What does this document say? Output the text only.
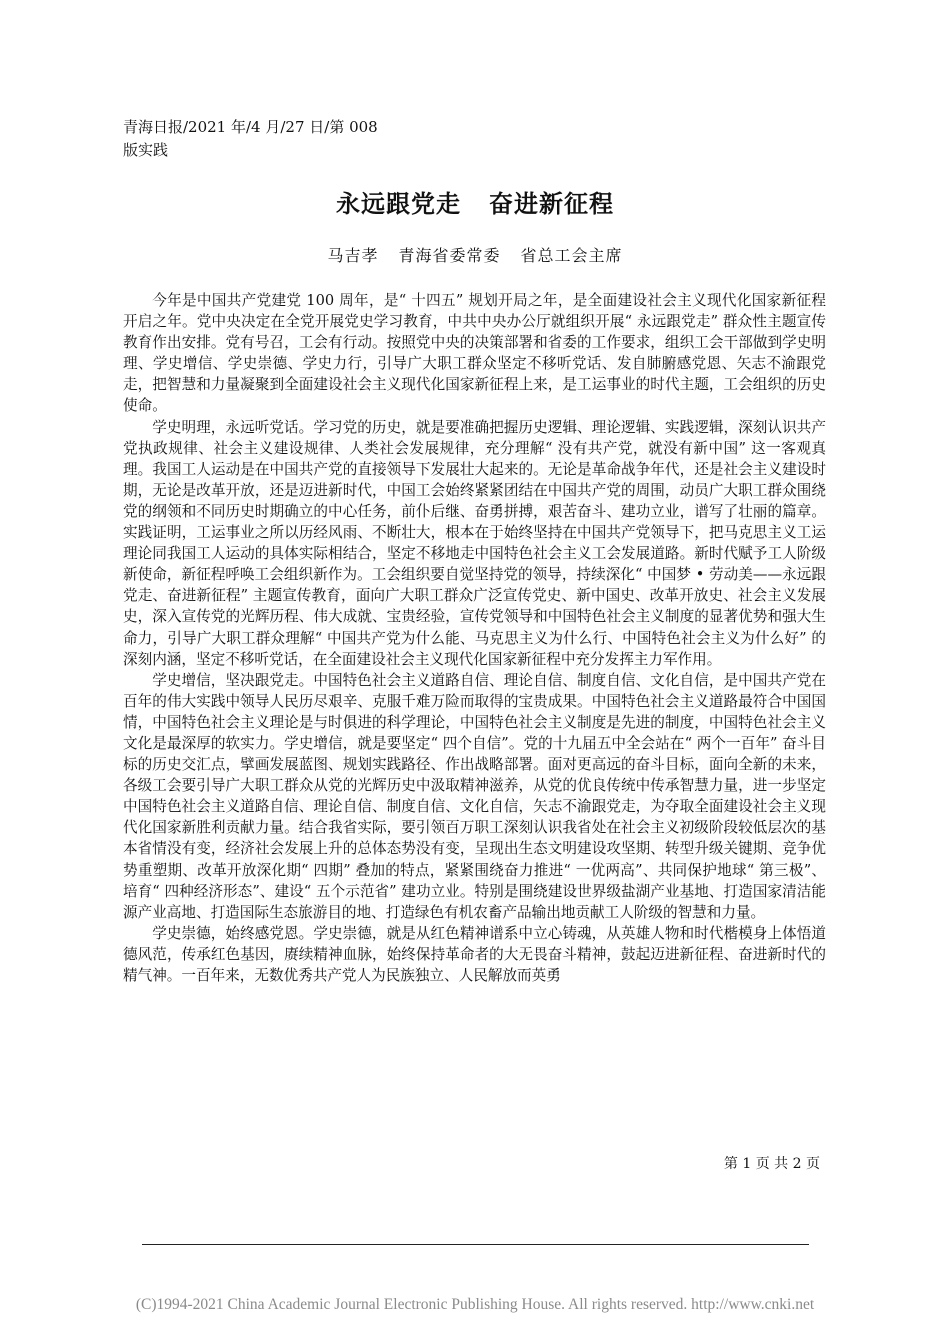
青海日报/2021 年/4 月/27 日/第 008
版实践
永远跟党走 奋进新征程
马吉孝 青海省委常委 省总工会主席

今年是中国共产党建党 100 周年，是“ 十四五” 规划开局之年，是全面建设社会主义现代化国家新征程开启之年。党中央决定在全党开展党史学习教育，中共中央办公厅就组织开展“ 永远跟党走” 群众性主题宣传教育作出安排。党有号召，工会有行动。按照党中央的决策部署和省委的工作要求，组织工会干部做到学史明理、学史增信、学史崇德、学史力行，引导广大职工群众坚定不移听党话、发自肺腑感党恩、矢志不渝跟党走，把智慧和力量凝聚到全面建设社会主义现代化国家新征程上来，是工运事业的时代主题，工会组织的历史使命。

学史明理，永远听党话。学习党的历史，就是要准确把握历史逻辑、理论逻辑、实践逻辑，深刻认识共产党执政规律、社会主义建设规律、人类社会发展规律，充分理解“ 没有共产党，就没有新中国” 这一客观真理。我国工人运动是在中国共产党的直接领导下发展壮大起来的。无论是革命战争年代，还是社会主义建设时期，无论是改革开放，还是迈进新时代，中国工会始终紧紧团结在中国共产党的周围，动员广大职工群众围绕党的纲领和不同历史时期确立的中心任务，前仆后继、奋勇拼搏，艰苦奋斗、建功立业，谱写了壮丽的篇章。实践证明，工运事业之所以历经风雨、不断壮大，根本在于始终坚持在中国共产党领导下，把马克思主义工运理论同我国工人运动的具体实际相结合，坚定不移地走中国特色社会主义工会发展道路。新时代赋予工人阶级新使命，新征程呼唤工会组织新作为。工会组织要自觉坚持党的领导，持续深化“ 中国梦 • 劳动美——永远跟党走、奋进新征程” 主题宣传教育，面向广大职工群众广泛宣传党史、新中国史、改革开放史、社会主义发展史，深入宣传党的光辉历程、伟大成就、宝贵经验，宣传党领导和中国特色社会主义制度的显著优势和强大生命力，引导广大职工群众理解“ 中国共产党为什么能、马克思主义为什么行、中国特色社会主义为什么好” 的深刻内涵，坚定不移听党话，在全面建设社会主义现代化国家新征程中充分发挥主力军作用。

学史增信，坚决跟党走。中国特色社会主义道路自信、理论自信、制度自信、文化自信，是中国共产党在百年的伟大实践中领导人民历尽艰辛、克服千难万险而取得的宝贵成果。中国特色社会主义道路最符合中国国情，中国特色社会主义理论是与时俱进的科学理论，中国特色社会主义制度是先进的制度，中国特色社会主义文化是最深厚的软实力。学史增信，就是要坚定“ 四个自信”。党的十九届五中全会站在“ 两个一百年” 奋斗目标的历史交汇点，擘画发展蓝图、规划实践路径、作出战略部署。面对更高远的奋斗目标，面向全新的未来，各级工会要引导广大职工群众从党的光辉历史中汲取精神滋养，从党的优良传统中传承智慧力量，进一步坚定中国特色社会主义道路自信、理论自信、制度自信、文化自信，矢志不渝跟党走，为夺取全面建设社会主义现代化国家新胜利贡献力量。结合我省实际，要引领百万职工深刻认识我省处在社会主义初级阶段较低层次的基本省情没有变，经济社会发展上升的总体态势没有变，呈现出生态文明建设攻坚期、转型升级关键期、竞争优势重塑期、改革开放深化期“ 四期” 叠加的特点，紧紧围绕奋力推进“ 一优两高”、共同保护地球“ 第三极”、培育“ 四种经济形态”、建设“ 五个示范省” 建功立业。特别是围绕建设世界级盐湖产业基地、打造国家清洁能源产业高地、打造国际生态旅游目的地、打造绿色有机农畜产品输出地贡献工人阶级的智慧和力量。

学史崇德，始终感党恩。学史崇德，就是从红色精神谱系中立心铸魂，从英雄人物和时代楷模身上体悟道德风范，传承红色基因，赓续精神血脉，始终保持革命者的大无畏奋斗精神，鼓起迈进新征程、奋进新时代的精气神。一百年来，无数优秀共产党人为民族独立、人民解放而英勇

第 1 页 共 2 页
(C)1994-2021 China Academic Journal Electronic Publishing House. All rights reserved. http://www.cnki.net
